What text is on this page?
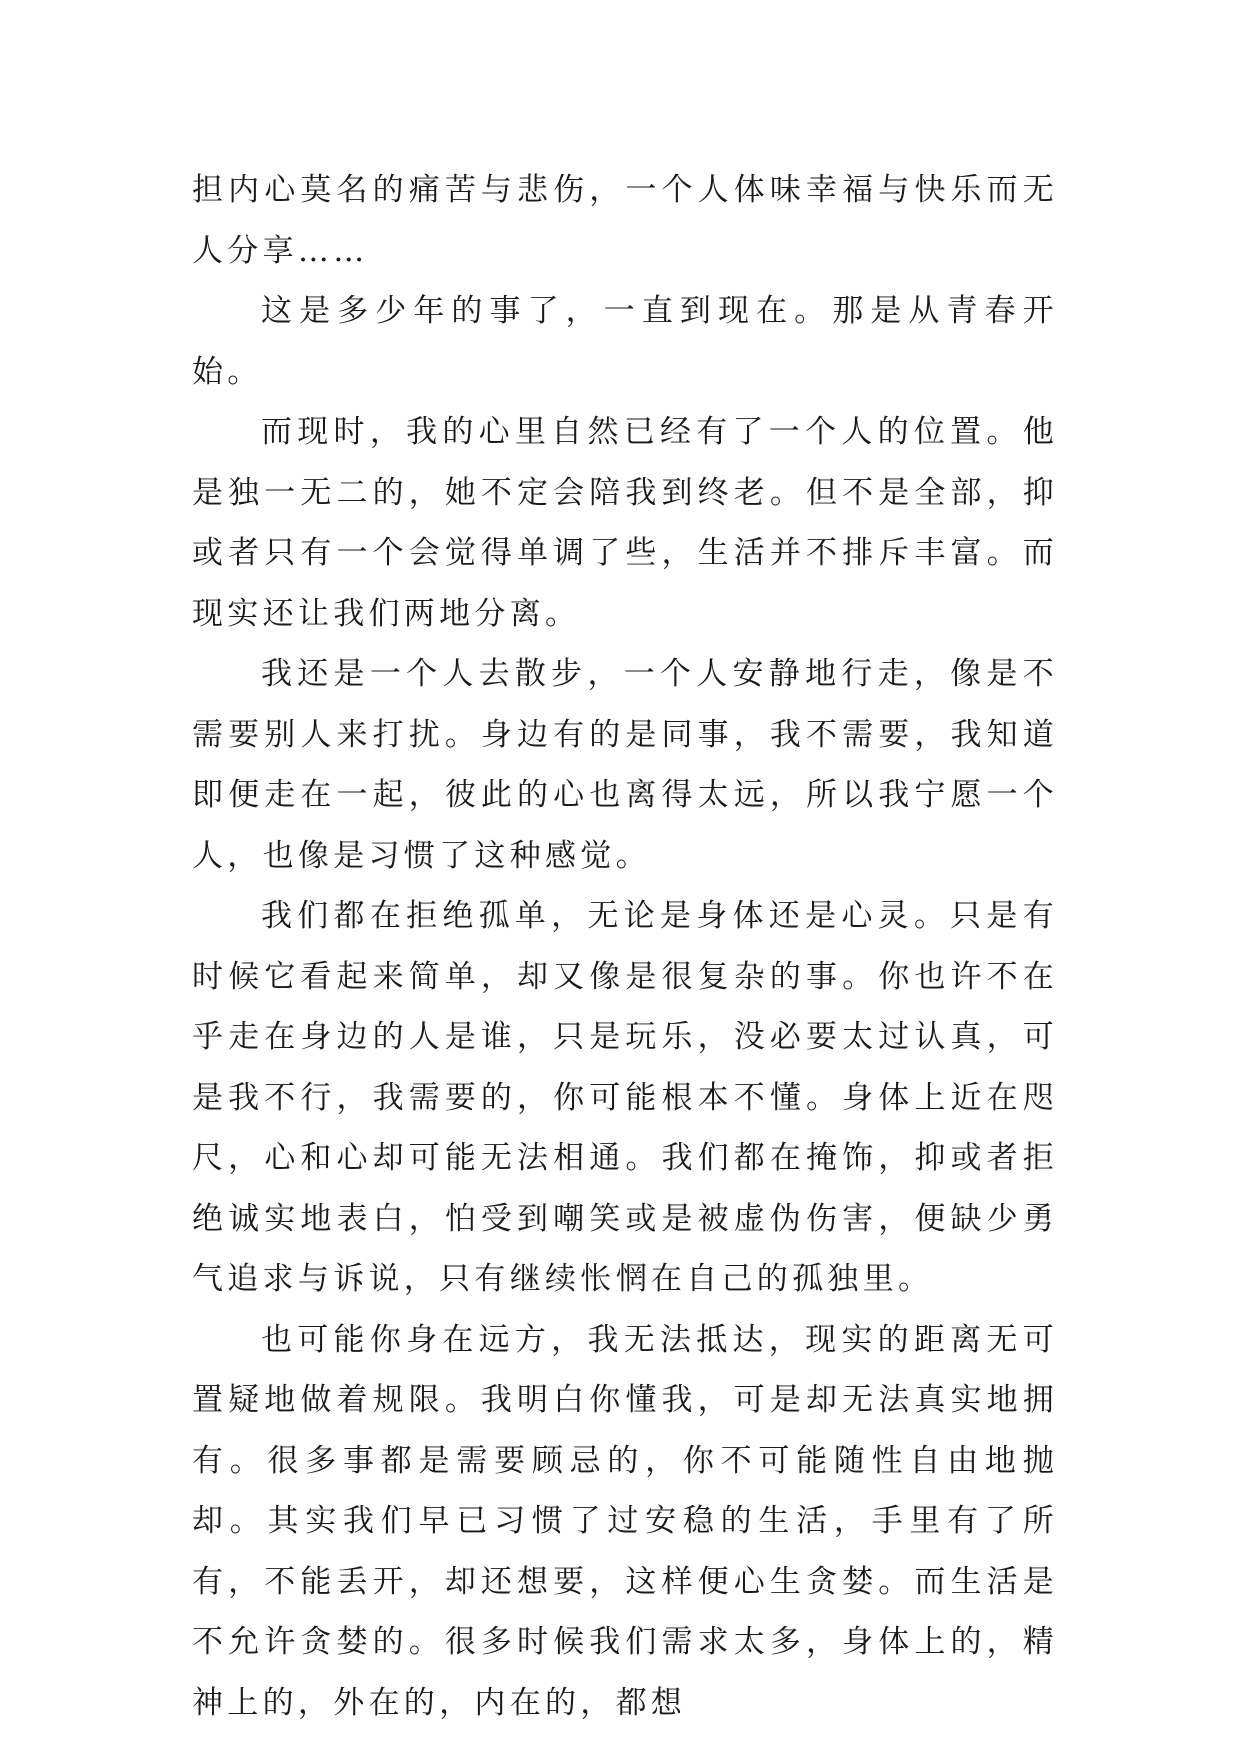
担内心莫名的痛苦与悲伤，一个人体味幸福与快乐而无人分享……

这是多少年的事了，一直到现在。那是从青春开始。

而现时，我的心里自然已经有了一个人的位置。他是独一无二的，她不定会陪我到终老。但不是全部，抑或者只有一个会觉得单调了些，生活并不排斥丰富。而现实还让我们两地分离。

我还是一个人去散步，一个人安静地行走，像是不需要别人来打扰。身边有的是同事，我不需要，我知道即便走在一起，彼此的心也离得太远，所以我宁愿一个人，也像是习惯了这种感觉。

我们都在拒绝孤单，无论是身体还是心灵。只是有时候它看起来简单，却又像是很复杂的事。你也许不在乎走在身边的人是谁，只是玩乐，没必要太过认真，可是我不行，我需要的，你可能根本不懂。身体上近在咫尺，心和心却可能无法相通。我们都在掩饰，抑或者拒绝诚实地表白，怕受到嘲笑或是被虚伪伤害，便缺少勇气追求与诉说，只有继续怅惘在自己的孤独里。

也可能你身在远方，我无法抵达，现实的距离无可置疑地做着规限。我明白你懂我，可是却无法真实地拥有。很多事都是需要顾忌的，你不可能随性自由地抛却。其实我们早已习惯了过安稳的生活，手里有了所有，不能丢开，却还想要，这样便心生贪婪。而生活是不允许贪婪的。很多时候我们需求太多，身体上的，精神上的，外在的，内在的，都想
